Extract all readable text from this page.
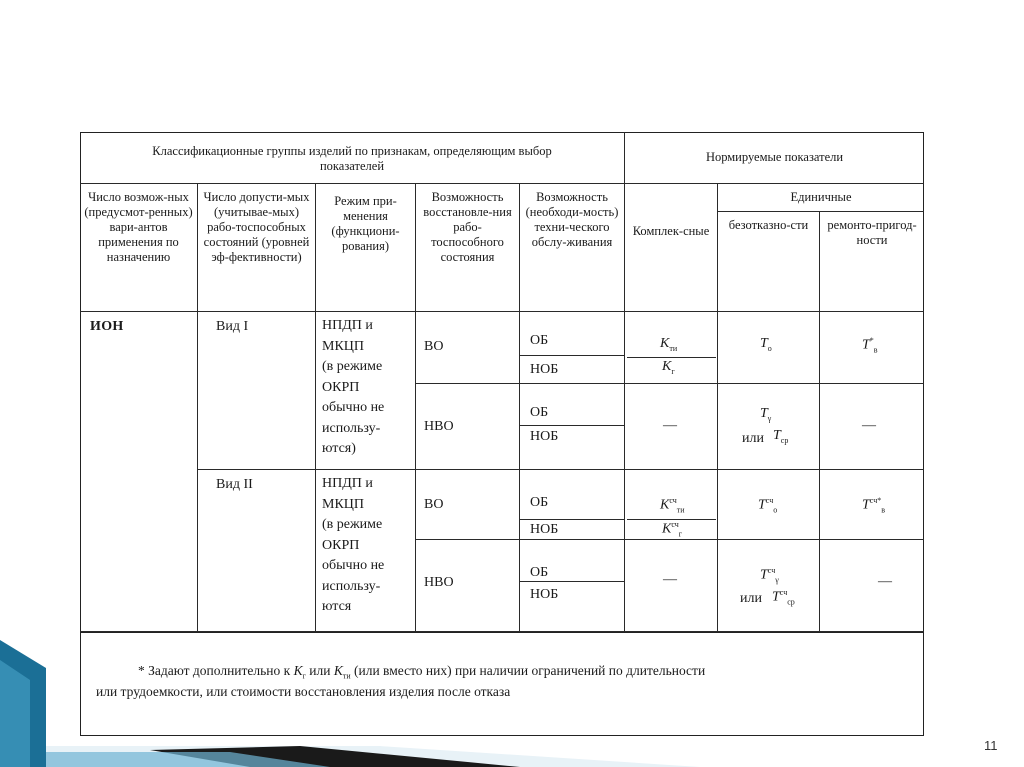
11
Классификационные группы изделий по признакам, определяющим выбор показателей
Нормируемые показатели
Число возмож-ных (предусмот-ренных) вари-антов применения по назначению
Число допусти-мых (учитывае-мых) рабо-тоспособных состояний (уровней эф-фективности)
Режим при-менения (функциони-рования)
Возможность восстановле-ния рабо-тоспособного состояния
Возможность (необходи-мость) техни-ческого обслу-живания
Комплек-сные
Единичные
безотказно-сти	ремонто-пригод-ности
ИОН	Вид I
Вид II
НПДП и
МКЦП
(в режиме
ОКРП
обычно не
использу-
ются)
НПДП и
МКЦП
(в режиме
ОКРП
обычно не
использу-
ются
ВО
НВО
ВО
НВО
ОБ
НОБ
ОБ
НОБ
ОБ
НОБ
ОБ
НОБ
$K_{ти}$
$K_г$
—
$K^{сч}_{ти}$
$K^{сч}_г$
—
$T_о$
$T_\gamma$
или $T_{ср}$
$T^{сч}_о$
$T^{сч}_\gamma$
или $T^{сч}_{ср}$
$T^*_в$
—
$T^{сч*}_в$
—
* Задают дополнительно к $K_г$ или $K_{ти}$ (или вместо них) при наличии ограничений по длительности
или трудоемкости, или стоимости восстановления изделия после отказа
